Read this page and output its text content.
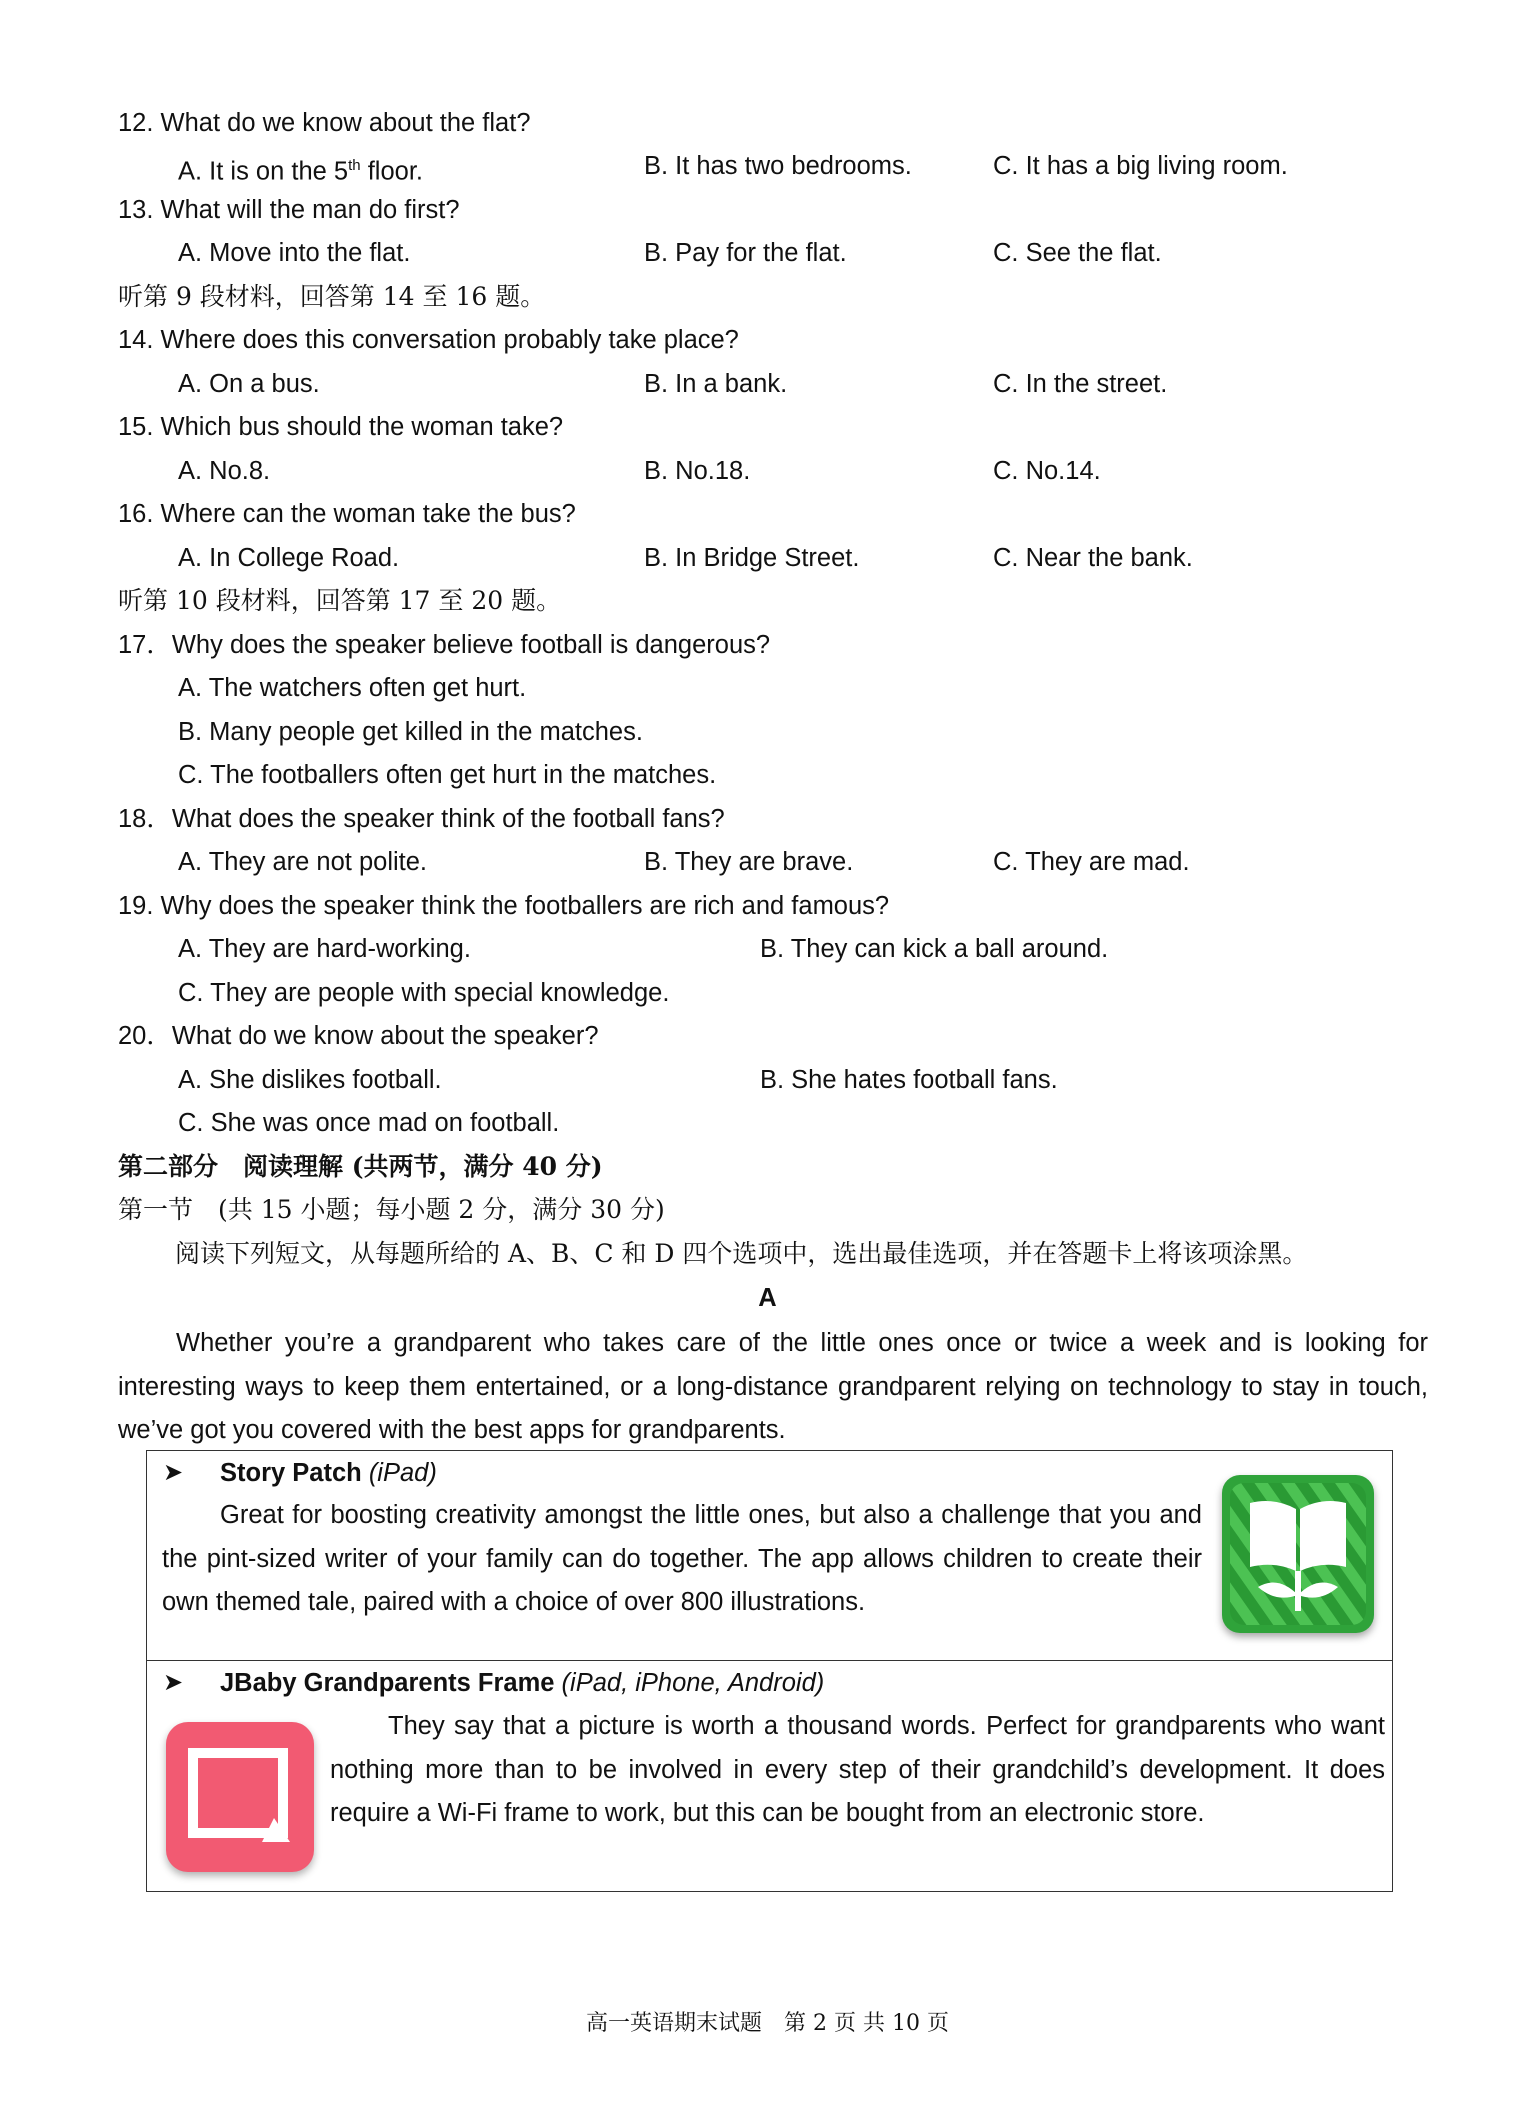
12. What do we know about the flat?
A. It is on the 5th floor.	B. It has two bedrooms.	C. It has a big living room.
13. What will the man do first?
A. Move into the flat.	B. Pay for the flat.	C. See the flat.
听第 9 段材料，回答第 14 至 16 题。
14. Where does this conversation probably take place?
A. On a bus.	B. In a bank.	C. In the street.
15. Which bus should the woman take?
A. No.8.	B. No.18.	C. No.14.
16. Where can the woman take the bus?
A. In College Road.	B. In Bridge Street.	C. Near the bank.
听第 10 段材料，回答第 17 至 20 题。
17．Why does the speaker believe football is dangerous?
A. The watchers often get hurt.
B. Many people get killed in the matches.
C. The footballers often get hurt in the matches.
18．What does the speaker think of the football fans?
A. They are not polite.	B. They are brave.	C. They are mad.
19. Why does the speaker think the footballers are rich and famous?
A. They are hard-working.	B. They can kick a ball around.
C. They are people with special knowledge.
20．What do we know about the speaker?
A. She dislikes football.	B. She hates football fans.
C. She was once mad on football.
第二部分　阅读理解 (共两节，满分 40 分)
第一节　(共 15 小题；每小题 2 分，满分 30 分)
阅读下列短文，从每题所给的 A、B、C 和 D 四个选项中，选出最佳选项，并在答题卡上将该项涂黑。
A
Whether you’re a grandparent who takes care of the little ones once or twice a week and is looking for interesting ways to keep them entertained, or a long-distance grandparent relying on technology to stay in touch, we’ve got you covered with the best apps for grandparents.
➤ Story Patch (iPad)
Great for boosting creativity amongst the little ones, but also a challenge that you and the pint-sized writer of your family can do together. The app allows children to create their own themed tale, paired with a choice of over 800 illustrations.
➤ JBaby Grandparents Frame (iPad, iPhone, Android)
They say that a picture is worth a thousand words. Perfect for grandparents who want nothing more than to be involved in every step of their grandchild’s development. It does require a Wi-Fi frame to work, but this can be bought from an electronic store.
高一英语期末试题　第 2 页 共 10 页
